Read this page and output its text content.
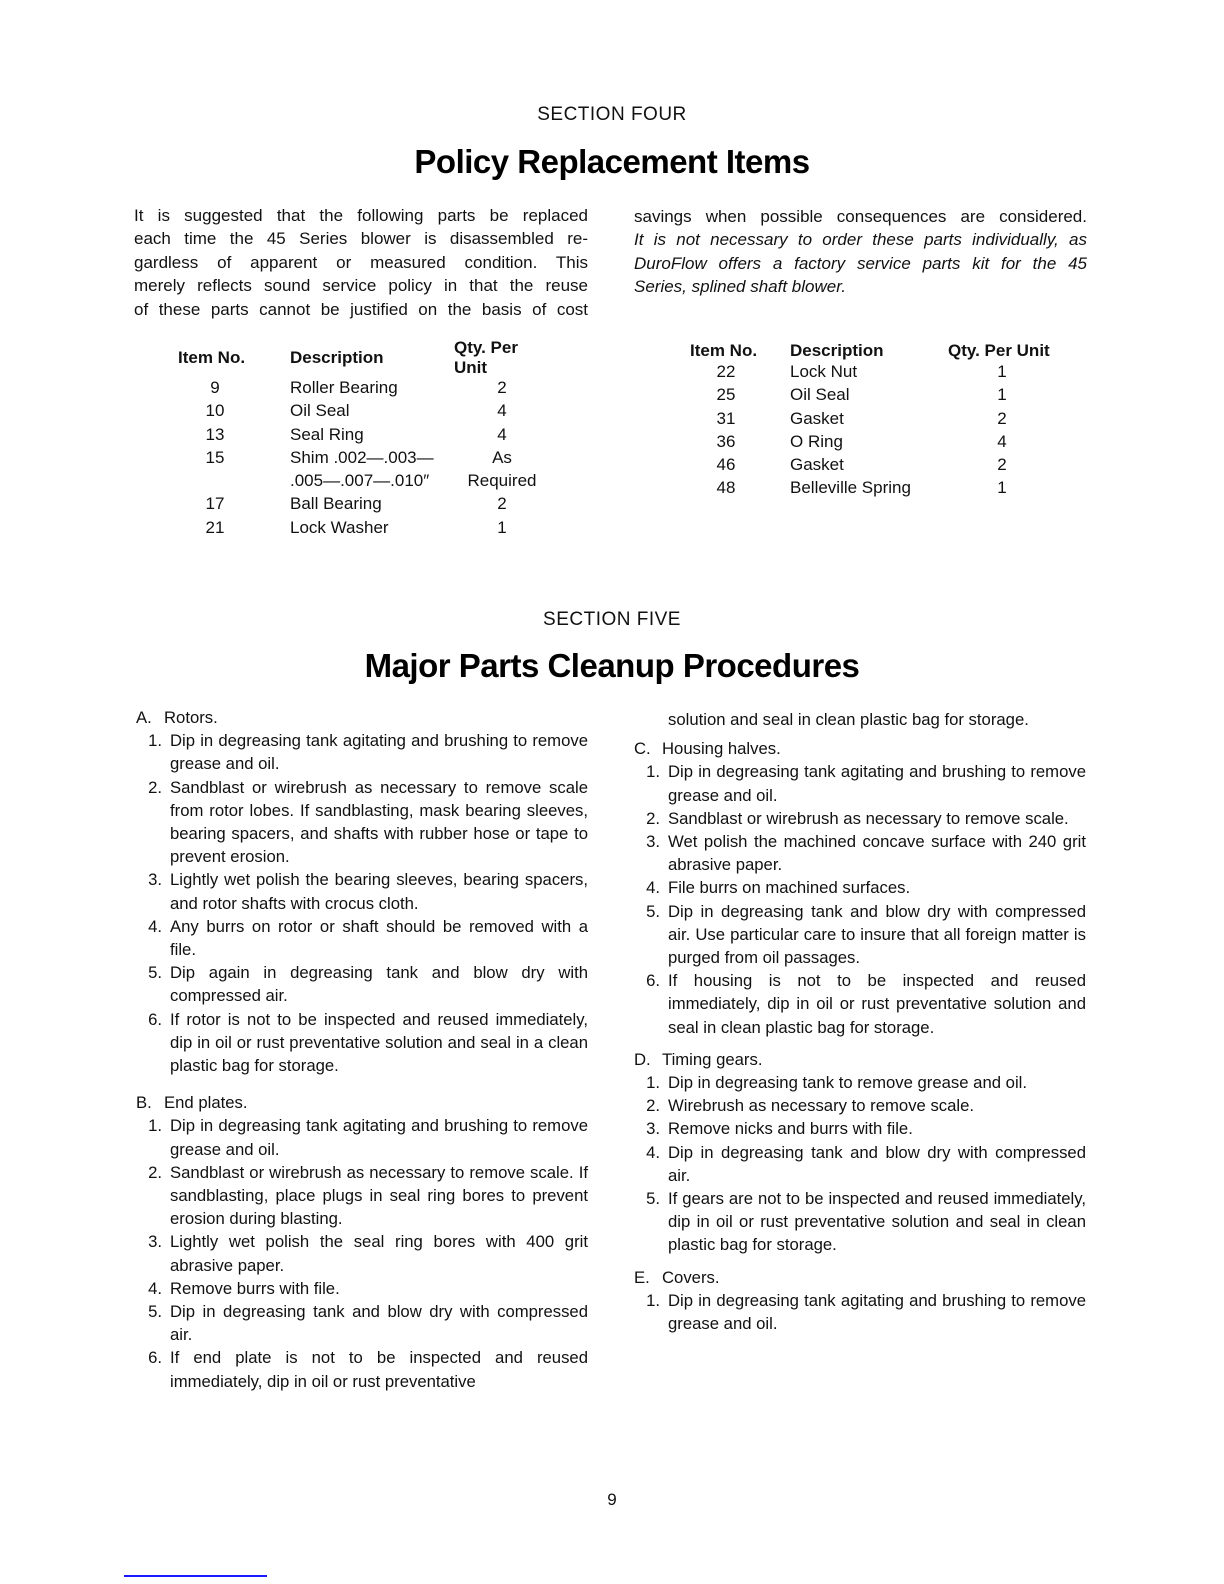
SECTION FOUR
Policy Replacement Items

It is suggested that the following parts be replaced

each time the 45 Series blower is disassembled re-

gardless of apparent or measured condition. This

merely reflects sound service policy in that the reuse

of these parts cannot be justified on the basis of cost

savings when possible consequences are considered.

It is not necessary to order these parts individually, as

DuroFlow offers a factory service parts kit for the 45

Series, splined shaft blower.

Item No.		Description	Qty. Per Unit
9		Roller Bearing	2
10		Oil Seal	4
13		Seal Ring	4
15		Shim .002—.003—	As
		.005—.007—.010″	Required
17		Ball Bearing	2
21		Lock Washer	1
Item No.		Description	Qty. Per Unit
22		Lock Nut	1
25		Oil Seal	1
31		Gasket	2
36		O Ring	4
46		Gasket	2
48		Belleville Spring	1
SECTION FIVE
Major Parts Cleanup Procedures
A. Rotors.
1. Dip in degreasing tank agitating and brushing to remove grease and oil.
2. Sandblast or wirebrush as necessary to remove scale from rotor lobes. If sandblasting, mask bearing sleeves, bearing spacers, and shafts with rubber hose or tape to prevent erosion.
3. Lightly wet polish the bearing sleeves, bearing spacers, and rotor shafts with crocus cloth.
4. Any burrs on rotor or shaft should be removed with a file.
5. Dip again in degreasing tank and blow dry with compressed air.
6. If rotor is not to be inspected and reused immediately, dip in oil or rust preventative solution and seal in a clean plastic bag for storage.
B. End plates.
1. Dip in degreasing tank agitating and brushing to remove grease and oil.
2. Sandblast or wirebrush as necessary to remove scale. If sandblasting, place plugs in seal ring bores to prevent erosion during blasting.
3. Lightly wet polish the seal ring bores with 400 grit abrasive paper.
4. Remove burrs with file.
5. Dip in degreasing tank and blow dry with compressed air.
6. If end plate is not to be inspected and reused immediately, dip in oil or rust preventative
solution and seal in clean plastic bag for storage.
C. Housing halves.
1. Dip in degreasing tank agitating and brushing to remove grease and oil.
2. Sandblast or wirebrush as necessary to remove scale.
3. Wet polish the machined concave surface with 240 grit abrasive paper.
4. File burrs on machined surfaces.
5. Dip in degreasing tank and blow dry with compressed air. Use particular care to insure that all foreign matter is purged from oil passages.
6. If housing is not to be inspected and reused immediately, dip in oil or rust preventative solution and seal in clean plastic bag for storage.
D. Timing gears.
1. Dip in degreasing tank to remove grease and oil.
2. Wirebrush as necessary to remove scale.
3. Remove nicks and burrs with file.
4. Dip in degreasing tank and blow dry with compressed air.
5. If gears are not to be inspected and reused immediately, dip in oil or rust preventative solution and seal in clean plastic bag for storage.
E. Covers.
1. Dip in degreasing tank agitating and brushing to remove grease and oil.
9
